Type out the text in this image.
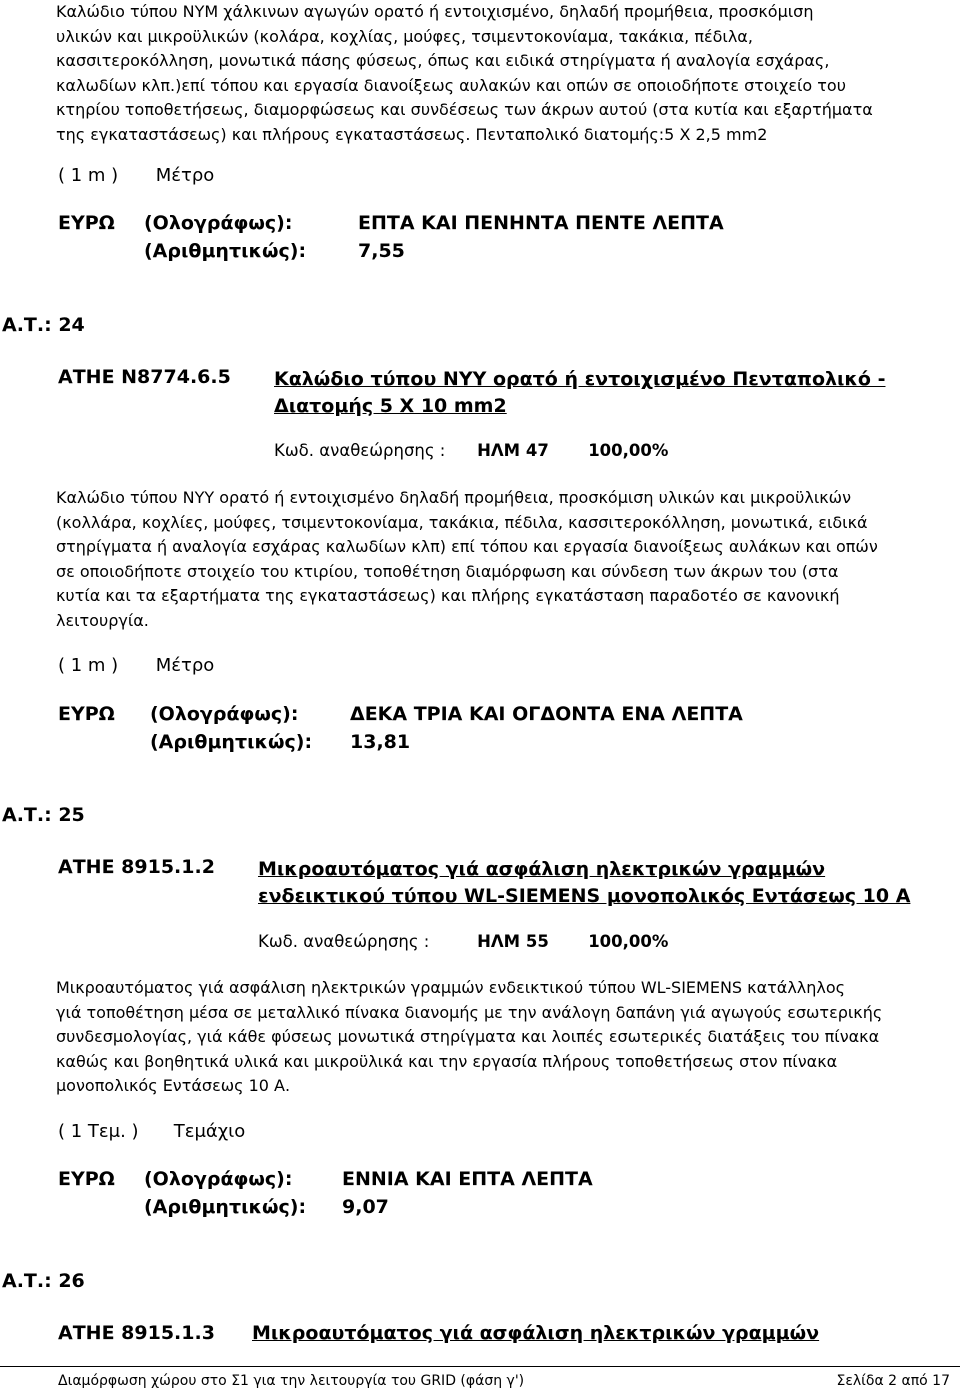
Καλώδιο τύπου ΝΥΜ χάλκινων αγωγών ορατό ή εντοιχισμένο, δηλαδή προμήθεια, προσκόμιση
υλικών και μικροϋλικών (κολάρα, κοχλίας, μούφες, τσιμεντοκονίαμα, τακάκια, πέδιλα,
κασσιτεροκόλληση, μονωτικά πάσης φύσεως, όπως και ειδικά στηρίγματα ή αναλογία εσχάρας,
καλωδίων κλπ.)επί τόπου και εργασία διανοίξεως αυλακών και οπών σε οποιοδήποτε στοιχείο του
κτηρίου τοποθετήσεως, διαμορφώσεως και συνδέσεως των άκρων αυτού (στα κυτία και εξαρτήματα
της εγκαταστάσεως) και πλήρους εγκαταστάσεως. Πενταπολικό διατομής:5 Χ 2,5 mm2
( 1 m ) Μέτρο
ΕΥΡΩ	(Ολογράφως):	ΕΠΤΑ ΚΑΙ ΠΕΝΗΝΤΑ ΠΕΝΤΕ ΛΕΠΤΑ
(Αριθμητικώς):	7,55
Α.Τ.: 24
ΑΤΗΕ Ν8774.6.5 Καλώδιο τύπου ΝΥΥ ορατό ή εντοιχισμένο Πενταπολικό -
Διατομής 5 Χ 10 mm2
Κωδ. αναθεώρησης : ΗΛΜ 47 100,00%
Καλώδιο τύπου ΝΥΥ ορατό ή εντοιχισμένο δηλαδή προμήθεια, προσκόμιση υλικών και μικροϋλικών
(κολλάρα, κοχλίες, μούφες, τσιμεντοκονίαμα, τακάκια, πέδιλα, κασσιτεροκόλληση, μονωτικά, ειδικά
στηρίγματα ή αναλογία εσχάρας καλωδίων κλπ) επί τόπου και εργασία διανοίξεως αυλάκων και οπών
σε οποιοδήποτε στοιχείο του κτιρίου, τοποθέτηση διαμόρφωση και σύνδεση των άκρων του (στα
κυτία και τα εξαρτήματα της εγκαταστάσεως) και πλήρης εγκατάσταση παραδοτέο σε κανονική
λειτουργία.
( 1 m ) Μέτρο
ΕΥΡΩ	(Ολογράφως):	ΔΕΚΑ ΤΡΙΑ ΚΑΙ ΟΓΔΟΝΤΑ ΕΝΑ ΛΕΠΤΑ
(Αριθμητικώς):	13,81
Α.Τ.: 25
ΑΤΗΕ 8915.1.2 Μικροαυτόματος γιά ασφάλιση ηλεκτρικών γραμμών
ενδεικτικού τύπου WL-SIEMENS μονοπολικός Εντάσεως 10 Α
Κωδ. αναθεώρησης :	ΗΛΜ 55 100,00%
Μικροαυτόματος γιά ασφάλιση ηλεκτρικών γραμμών ενδεικτικού τύπου WL-SIEMENS κατάλληλος
γιά τοποθέτηση μέσα σε μεταλλικό πίνακα διανομής με την ανάλογη δαπάνη γιά αγωγούς εσωτερικής
συνδεσμολογίας, γιά κάθε φύσεως μονωτικά στηρίγματα και λοιπές εσωτερικές διατάξεις του πίνακα
καθώς και βοηθητικά υλικά και μικροϋλικά και την εργασία πλήρους τοποθετήσεως στον πίνακα
μονοπολικός Εντάσεως 10 Α.
( 1 Τεμ. ) Τεμάχιο
ΕΥΡΩ	(Ολογράφως):	ΕΝΝΙΑ ΚΑΙ ΕΠΤΑ ΛΕΠΤΑ
(Αριθμητικώς):	9,07
Α.Τ.: 26
ΑΤΗΕ 8915.1.3 Μικροαυτόματος γιά ασφάλιση ηλεκτρικών γραμμών
Διαμόρφωση χώρου στο Σ1 για την λειτουργία του GRID (φάση γ')	Σελίδα 2 από 17
